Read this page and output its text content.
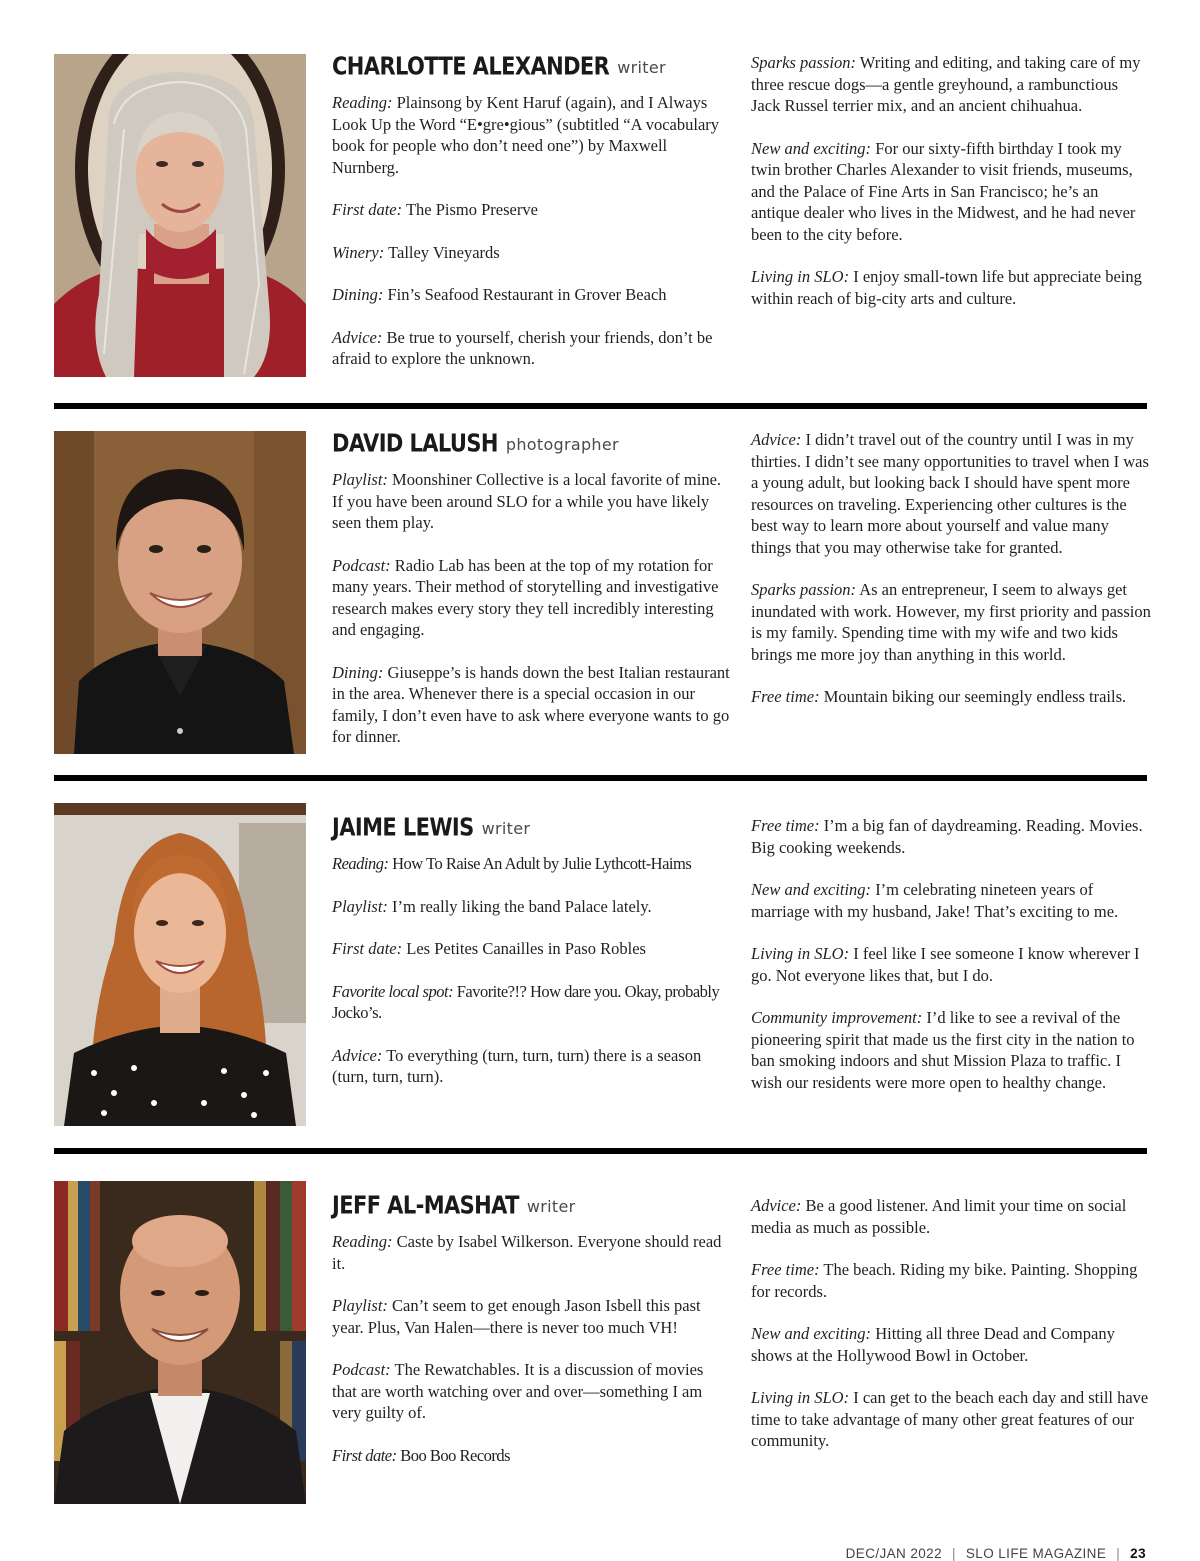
CHARLOTTE ALEXANDER writer

Reading: Plainsong by Kent Haruf (again), and I Always Look Up the Word “E•gre•gious” (subtitled “A vocabulary book for people who don’t need one”) by Maxwell Nurnberg.

First date: The Pismo Preserve

Winery: Talley Vineyards

Dining: Fin’s Seafood Restaurant in Grover Beach

Advice: Be true to yourself, cherish your friends, don’t be afraid to explore the unknown.

Sparks passion: Writing and editing, and taking care of my three rescue dogs—a gentle greyhound, a rambunctious Jack Russel terrier mix, and an ancient chihuahua.

New and exciting: For our sixty-fifth birthday I took my twin brother Charles Alexander to visit friends, museums, and the Palace of Fine Arts in San Francisco; he’s an antique dealer who lives in the Midwest, and he had never been to the city before.

Living in SLO: I enjoy small-town life but appreciate being within reach of big-city arts and culture.

DAVID LALUSH photographer

Playlist: Moonshiner Collective is a local favorite of mine. If you have been around SLO for a while you have likely seen them play.

Podcast: Radio Lab has been at the top of my rotation for many years. Their method of storytelling and investigative research makes every story they tell incredibly interesting and engaging.

Dining: Giuseppe’s is hands down the best Italian restaurant in the area. Whenever there is a special occasion in our family, I don’t even have to ask where everyone wants to go for dinner.

Advice: I didn’t travel out of the country until I was in my thirties. I didn’t see many opportunities to travel when I was a young adult, but looking back I should have spent more resources on traveling. Experiencing other cultures is the best way to learn more about yourself and value many things that you may otherwise take for granted.

Sparks passion: As an entrepreneur, I seem to always get inundated with work. However, my first priority and passion is my family. Spending time with my wife and two kids brings me more joy than anything in this world.

Free time: Mountain biking our seemingly endless trails.

JAIME LEWIS writer

Reading: How To Raise An Adult by Julie Lythcott-Haims

Playlist: I’m really liking the band Palace lately.

First date: Les Petites Canailles in Paso Robles

Favorite local spot: Favorite?!? How dare you. Okay, probably Jocko’s.

Advice: To everything (turn, turn, turn) there is a season (turn, turn, turn).

Free time: I’m a big fan of daydreaming. Reading. Movies. Big cooking weekends.

New and exciting: I’m celebrating nineteen years of marriage with my husband, Jake! That’s exciting to me.

Living in SLO: I feel like I see someone I know wherever I go. Not everyone likes that, but I do.

Community improvement: I’d like to see a revival of the pioneering spirit that made us the first city in the nation to ban smoking indoors and shut Mission Plaza to traffic. I wish our residents were more open to healthy change.

JEFF AL-MASHAT writer

Reading: Caste by Isabel Wilkerson. Everyone should read it.

Playlist: Can’t seem to get enough Jason Isbell this past year. Plus, Van Halen—there is never too much VH!

Podcast: The Rewatchables. It is a discussion of movies that are worth watching over and over—something I am very guilty of.

First date: Boo Boo Records

Advice: Be a good listener. And limit your time on social media as much as possible.

Free time: The beach. Riding my bike. Painting. Shopping for records.

New and exciting: Hitting all three Dead and Company shows at the Hollywood Bowl in October.

Living in SLO: I can get to the beach each day and still have time to take advantage of many other great features of our community.

DEC/JAN 2022 | SLO LIFE MAGAZINE | 23
